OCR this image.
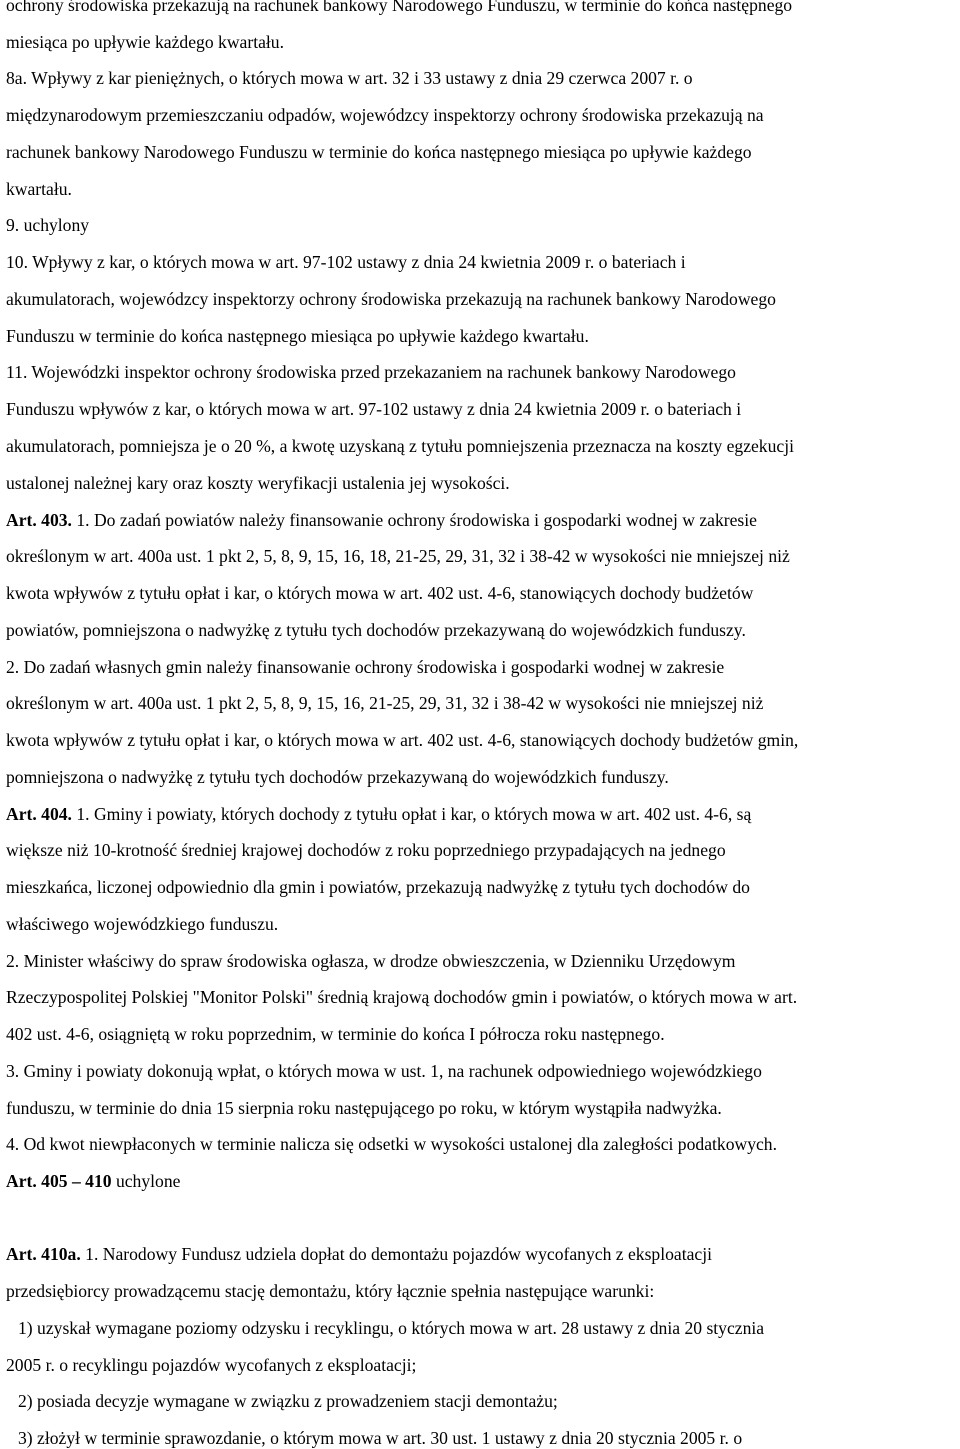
ochrony środowiska przekazują na rachunek bankowy Narodowego Funduszu, w terminie do końca następnego
miesiąca po upływie każdego kwartału.
8a. Wpływy z kar pieniężnych, o których mowa w art. 32 i 33 ustawy z dnia 29 czerwca 2007 r. o
międzynarodowym przemieszczaniu odpadów, wojewódzcy inspektorzy ochrony środowiska przekazują na
rachunek bankowy Narodowego Funduszu w terminie do końca następnego miesiąca po upływie każdego
kwartału.
9. uchylony
10. Wpływy z kar, o których mowa w art. 97-102 ustawy z dnia 24 kwietnia 2009 r. o bateriach i
akumulatorach, wojewódzcy inspektorzy ochrony środowiska przekazują na rachunek bankowy Narodowego
Funduszu w terminie do końca następnego miesiąca po upływie każdego kwartału.
11. Wojewódzki inspektor ochrony środowiska przed przekazaniem na rachunek bankowy Narodowego
Funduszu wpływów z kar, o których mowa w art. 97-102 ustawy z dnia 24 kwietnia 2009 r. o bateriach i
akumulatorach, pomniejsza je o 20 %, a kwotę uzyskaną z tytułu pomniejszenia przeznacza na koszty egzekucji
ustalonej należnej kary oraz koszty weryfikacji ustalenia jej wysokości.
Art. 403. 1. Do zadań powiatów należy finansowanie ochrony środowiska i gospodarki wodnej w zakresie
określonym w art. 400a ust. 1 pkt 2, 5, 8, 9, 15, 16, 18, 21-25, 29, 31, 32 i 38-42 w wysokości nie mniejszej niż
kwota wpływów z tytułu opłat i kar, o których mowa w art. 402 ust. 4-6, stanowiących dochody budżetów
powiatów, pomniejszona o nadwyżkę z tytułu tych dochodów przekazywaną do wojewódzkich funduszy.
2. Do zadań własnych gmin należy finansowanie ochrony środowiska i gospodarki wodnej w zakresie
określonym w art. 400a ust. 1 pkt 2, 5, 8, 9, 15, 16, 21-25, 29, 31, 32 i 38-42 w wysokości nie mniejszej niż
kwota wpływów z tytułu opłat i kar, o których mowa w art. 402 ust. 4-6, stanowiących dochody budżetów gmin,
pomniejszona o nadwyżkę z tytułu tych dochodów przekazywaną do wojewódzkich funduszy.
Art. 404. 1. Gminy i powiaty, których dochody z tytułu opłat i kar, o których mowa w art. 402 ust. 4-6, są
większe niż 10-krotność średniej krajowej dochodów z roku poprzedniego przypadających na jednego
mieszkańca, liczonej odpowiednio dla gmin i powiatów, przekazują nadwyżkę z tytułu tych dochodów do
właściwego wojewódzkiego funduszu.
2. Minister właściwy do spraw środowiska ogłasza, w drodze obwieszczenia, w Dzienniku Urzędowym
Rzeczypospolitej Polskiej "Monitor Polski" średnią krajową dochodów gmin i powiatów, o których mowa w art.
402 ust. 4-6, osiągniętą w roku poprzednim, w terminie do końca I półrocza roku następnego.
3. Gminy i powiaty dokonują wpłat, o których mowa w ust. 1, na rachunek odpowiedniego wojewódzkiego
funduszu, w terminie do dnia 15 sierpnia roku następującego po roku, w którym wystąpiła nadwyżka.
4. Od kwot niewpłaconych w terminie nalicza się odsetki w wysokości ustalonej dla zaległości podatkowych.
Art. 405 – 410 uchylone
Art. 410a. 1. Narodowy Fundusz udziela dopłat do demontażu pojazdów wycofanych z eksploatacji
przedsiębiorcy prowadzącemu stację demontażu, który łącznie spełnia następujące warunki:
1) uzyskał wymagane poziomy odzysku i recyklingu, o których mowa w art. 28 ustawy z dnia 20 stycznia
2005 r. o recyklingu pojazdów wycofanych z eksploatacji;
2) posiada decyzje wymagane w związku z prowadzeniem stacji demontażu;
3) złożył w terminie sprawozdanie, o którym mowa w art. 30 ust. 1 ustawy z dnia 20 stycznia 2005 r. o
